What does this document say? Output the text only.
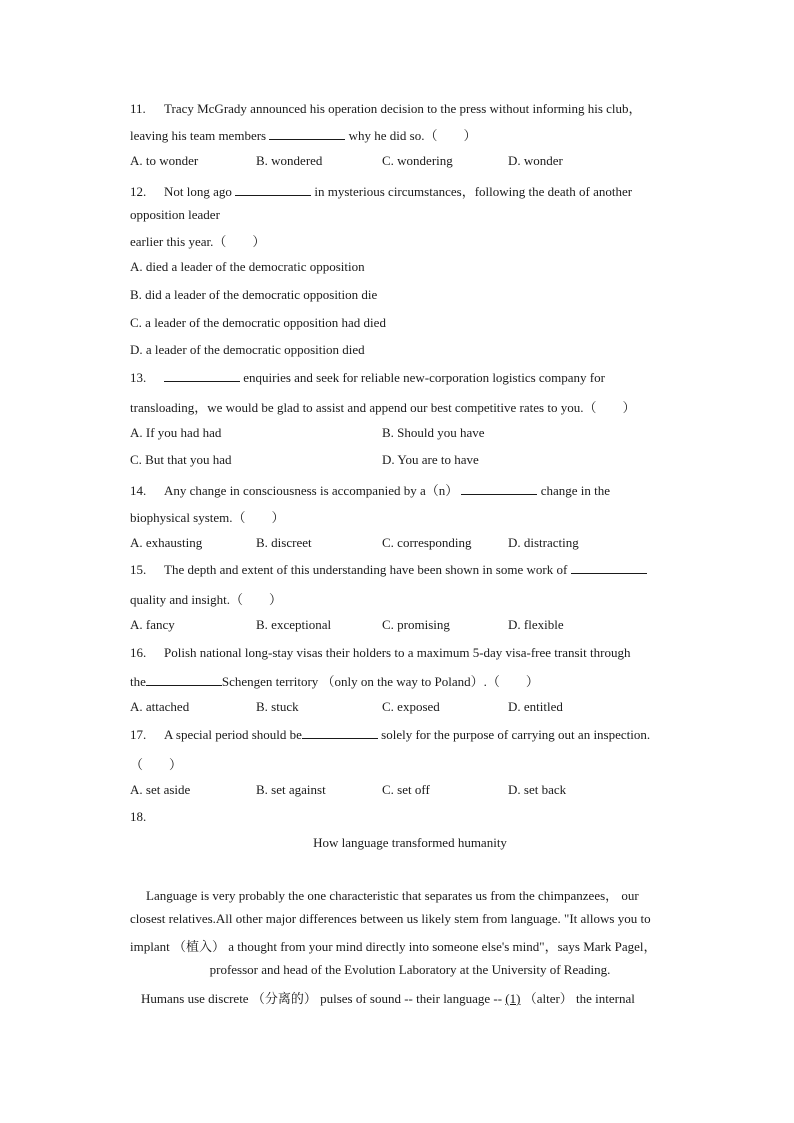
11. Tracy McGrady announced his operation decision to the press without informing his club，
leaving his team members	why he did so.（　　）
A. to wonder	B. wondered	C. wondering	D. wonder
12. Not long ago	in mysterious circumstances，following the death of another
opposition leader
earlier this year.（　　）
A. died a leader of the democratic opposition
B. did a leader of the democratic opposition die
C. a leader of the democratic opposition had died
D. a leader of the democratic opposition died
13.	enquiries and seek for reliable new-corporation logistics company for
transloading，we would be glad to assist and append our best competitive rates to you.（　　）
A. If you had had	B. Should you have
C. But that you had	D. You are to have
14. Any change in consciousness is accompanied by a（n）	change in the
biophysical system.（　　）
A. exhausting	B. discreet	C. corresponding	D. distracting
15. The depth and extent of this understanding have been shown in some work of
quality and insight.（　　）
A. fancy	B. exceptional	C. promising	D. flexible
16. Polish national long-stay visas their holders to a maximum 5-day visa-free transit through
the	Schengen territory （only on the way to Poland）.（　　）
A. attached	B. stuck	C. exposed	D. entitled
17. A special period should be	solely for the purpose of carrying out an inspection.
（　　）
A. set aside	B. set against	C. set off	D. set back
18.
How language transformed humanity
Language is very probably the one characteristic that separates us from the chimpanzees， our
closest relatives.All other major differences between us likely stem from language. "It allows you to
implant （植入） a thought from your mind directly into someone else's mind"，says Mark Pagel，
professor and head of the Evolution Laboratory at the University of Reading.
Humans use discrete （分离的） pulses of sound -- their language -- (1) （alter） the internal
